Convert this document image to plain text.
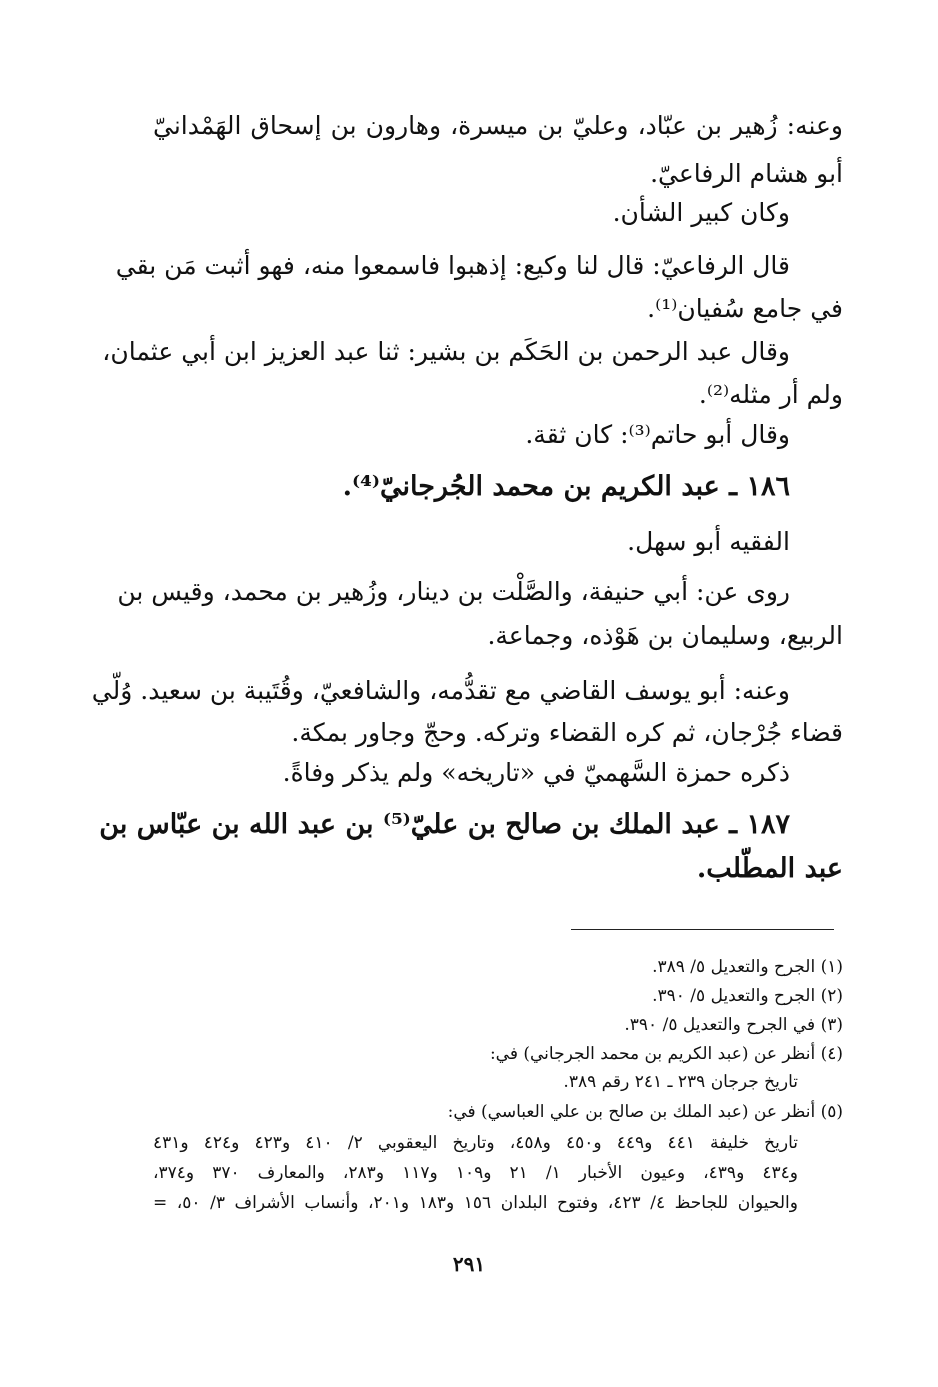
وعنه: زُهير بن عبّاد، وعليّ بن ميسرة، وهارون بن إسحاق الهَمْدانيّ
أبو هشام الرفاعيّ.
وكان كبير الشأن.
قال الرفاعيّ: قال لنا وكيع: إذهبوا فاسمعوا منه، فهو أثبت مَن بقي
في جامع سُفيان⁽¹⁾.
وقال عبد الرحمن بن الحَكَم بن بشير: ثنا عبد العزيز ابن أبي عثمان،
ولم أر مثله⁽²⁾.
وقال أبو حاتم⁽³⁾: كان ثقة.
١٨٦ ـ عبد الكريم بن محمد الجُرجانيّ⁽⁴⁾.
الفقيه أبو سهل.
روى عن: أبي حنيفة، والصَّلْت بن دينار، وزُهير بن محمد، وقيس بن
الربيع، وسليمان بن هَوْذه، وجماعة.
وعنه: أبو يوسف القاضي مع تقدُّمه، والشافعيّ، وقُتَيبة بن سعيد. وُلّي
قضاء جُرْجان، ثم كره القضاء وتركه. وحجّ وجاور بمكة.
ذكره حمزة السَّهميّ في «تاريخه» ولم يذكر وفاةً.
١٨٧ ـ عبد الملك بن صالح بن عليّ⁽⁵⁾ بن عبد الله بن عبّاس بن
عبد المطّلب.
(١) الجرح والتعديل ٥/ ٣٨٩.
(٢) الجرح والتعديل ٥/ ٣٩٠.
(٣) في الجرح والتعديل ٥/ ٣٩٠.
(٤) أنظر عن (عبد الكريم بن محمد الجرجاني) في:
تاريخ جرجان ٢٣٩ ـ ٢٤١ رقم ٣٨٩.
(٥) أنظر عن (عبد الملك بن صالح بن علي العباسي) في:
تاريخ خليفة ٤٤١ و٤٤٩ و٤٥٠ و٤٥٨، وتاريخ اليعقوبي ٢/ ٤١٠ و٤٢٣ و٤٢٤ و٤٣١
و٤٣٤ و٤٣٩، وعيون الأخبار ١/ ٢١ و١٠٩ و١١٧ و٢٨٣، والمعارف ٣٧٠ و٣٧٤،
والحيوان للجاحظ ٤/ ٤٢٣، وفتوح البلدان ١٥٦ و١٨٣ و٢٠١، وأنساب الأشراف ٣/ ٥٠، =
٢٩١
